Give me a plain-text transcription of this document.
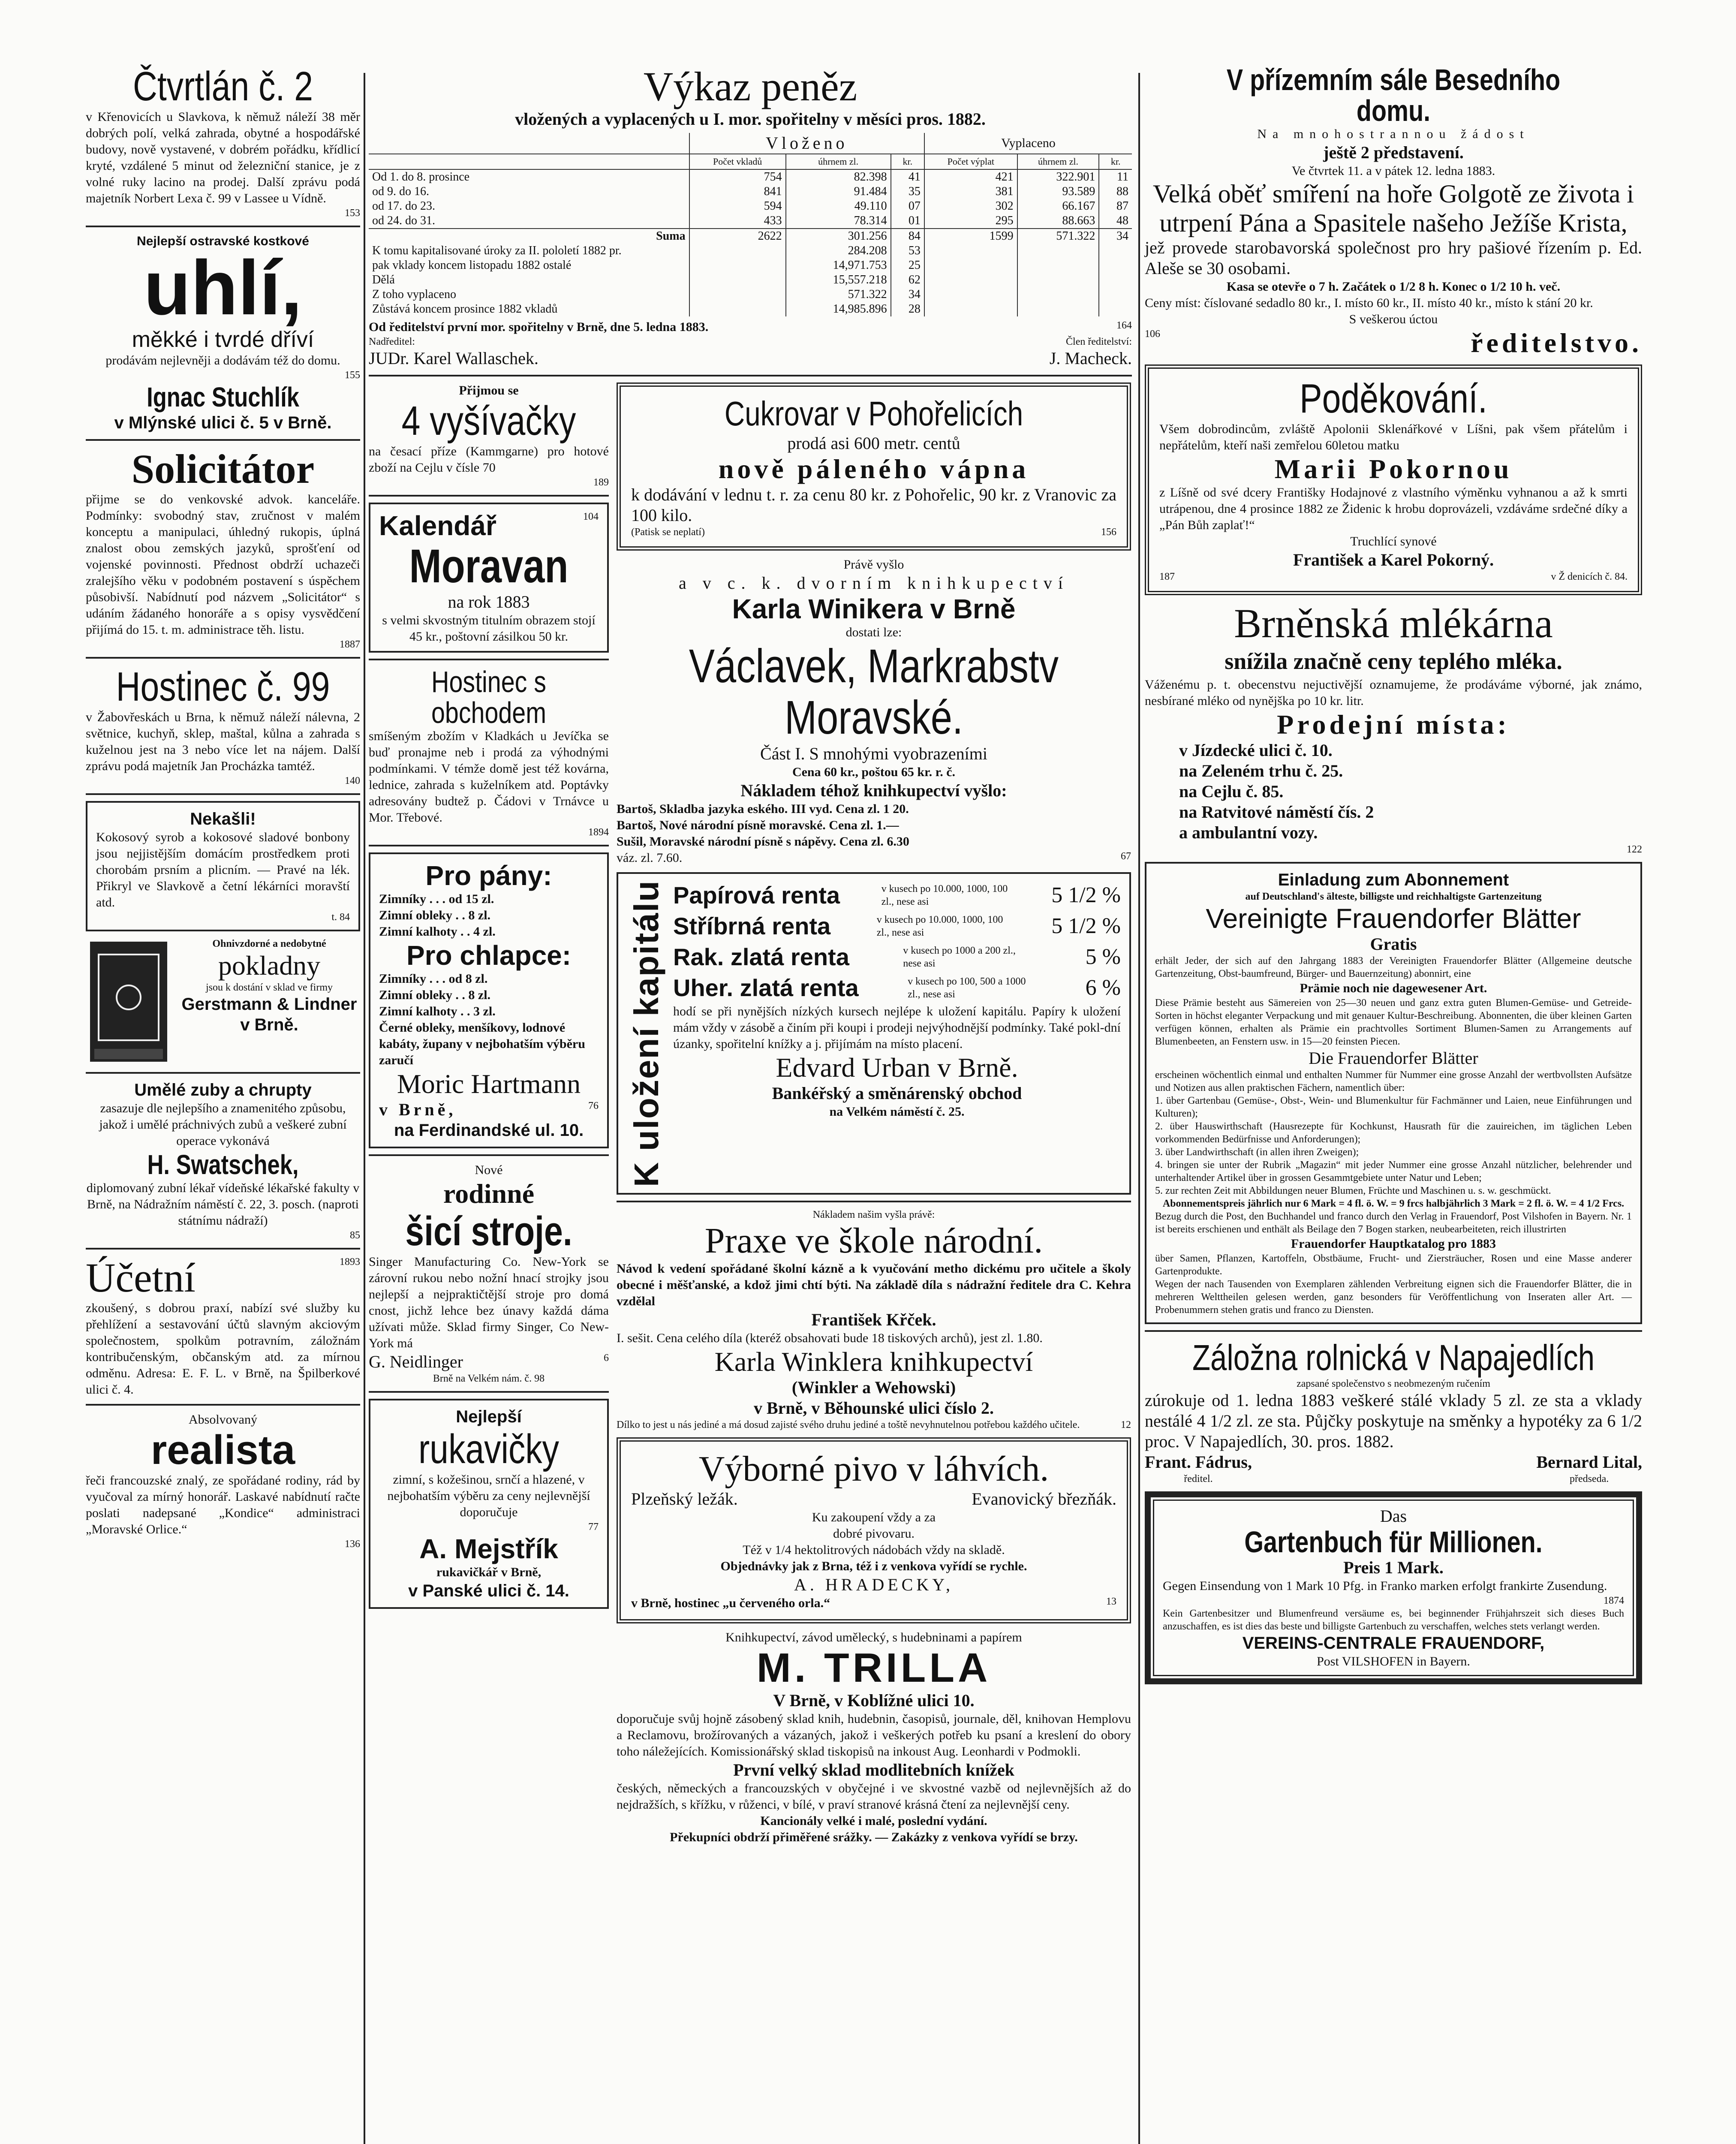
Čtvrtlán č. 2
v Křenovicích u Slavkova, k němuž náleží 38 měr dobrých polí, velká zahrada, obytné a hospodářské budovy, nově vystavené, v dobrém pořádku, křídlicí kryté, vzdálené 5 minut od železniční stanice, je z volné ruky lacino na prodej. Další zprávu podá majetník Norbert Lexa č. 99 v Lassee u Vídně.
153
Nejlepší ostravské kostkové
uhlí,
měkké i tvrdé dříví
prodávám nejlevněji a dodávám též do domu.
155
Ignac Stuchlík
v Mlýnské ulici č. 5 v Brně.
Solicitátor
přijme se do venkovské advok. kanceláře. Podmínky: svobodný stav, zručnost v malém konceptu a manipulaci, úhledný rukopis, úplná znalost obou zemských jazyků, sprošťení od vojenské povinnosti. Přednost obdrží uchazeči zralejšího věku v podobném postavení s úspěchem působivší. Nabídnutí pod názvem „Solicitátor“ s udáním žádaného honoráře a s opisy vysvědčení přijímá do 15. t. m. administrace těh. listu.
1887
Hostinec č. 99
v Žabovřeskách u Brna, k němuž náleží nálevna, 2 světnice, kuchyň, sklep, maštal, kůlna a zahrada s kuželnou jest na 3 nebo více let na nájem. Další zprávu podá majetník Jan Procházka tamtéž.
140
Nekašli!
Kokosový syrob a kokosové sladové bonbony jsou nejjistějším domácím prostředkem proti chorobám prsním a plicním. — Pravé na lék. Přikryl ve Slavkově a četní lékárníci moravští atd.
t. 84
Ohnivzdorné a nedobytné
pokladny
jsou k dostání v sklad ve firmy
Gerstmann & Lindner v Brně.
Umělé zuby a chrupty
zasazuje dle nejlepšího a znamenitého způsobu, jakož i umělé práchnivých zubů a veškeré zubní operace vykonává
H. Swatschek,
diplomovaný zubní lékař vídeňské lékařské fakulty v Brně, na Nádražním náměstí č. 22, 3. posch. (naproti státnímu nádraží)
85
Účetní	1893
zkoušený, s dobrou praxí, nabízí své služby ku přehlížení a sestavování účtů slavným akciovým společnostem, spolkům potravním, záložnám kontribučenským, občanským atd. za mírnou odměnu. Adresa: E. F. L. v Brně, na Špilberkové ulici č. 4.
Absolvovaný
realista
řeči francouzské znalý, ze spořádané rodiny, rád by vyučoval za mírný honorář. Laskavé nabídnutí račte poslati nadepsané „Kondice“ administraci „Moravské Orlice.“
136
Výkaz peněz
vložených a vyplacených u I. mor. spořitelny v měsíci pros. 1882.
	Vloženo			Vyplaceno		
	Počet vkladů	úhrnem zl.	kr.	Počet výplat	úhrnem zl.	kr.
Od 1. do 8. prosince	754	82.398	41	421	322.901	11
od 9. do 16.	841	91.484	35	381	93.589	88
od 17. do 23.	594	49.110	07	302	66.167	87
od 24. do 31.	433	78.314	01	295	88.663	48
Suma	2622	301.256	84	1599	571.322	34
K tomu kapitalisované úroky za II. pololetí 1882 pr.		284.208	53			
pak vklady koncem listopadu 1882 ostalé		14,971.753	25			
Dělá		15,557.218	62			
Z toho vyplaceno		571.322	34			
Zůstává koncem prosince 1882 vkladů		14,985.896	28			
Od ředitelství první mor. spořitelny v Brně, dne 5. ledna 1883.	164
Nadředitel:
JUDr. Karel Wallaschek.
Člen ředitelství:
J. Macheck.
Přijmou se
4 vyšívačky
na česací příze (Kammgarne) pro hotové zboží na Cejlu v čísle 70
189
Kalendář	104
Moravan
na rok 1883
s velmi skvostným titulním obrazem stojí 45 kr., poštovní zásilkou 50 kr.
Hostinec s obchodem
smíšeným zbožím v Kladkách u Jevíčka se buď pronajme neb i prodá za výhodnými podmínkami. V témže domě jest též kovárna, lednice, zahrada s kuželníkem atd. Poptávky adresovány budtež p. Čádovi v Trnávce u Mor. Třebové.
1894
Pro pány:
Zimníky . . . od 15 zl.
Zimní obleky . . 8 zl.
Zimní kalhoty . . 4 zl.
Pro chlapce:
Zimníky . . . od 8 zl.
Zimní obleky . . 8 zl.
Zimní kalhoty . . 3 zl.
Černé obleky, menšíkovy, lodnové kabáty, župany v nejbohatším výběru zaručí
Moric Hartmann
v Brně,	76
na Ferdinandské ul. 10.
Nové
rodinné
šicí stroje.
Singer Manufacturing Co. New-York se zárovní rukou nebo nožní hnací strojky jsou nejlepší a nejpraktičtější stroje pro domá cnost, jichž lehce bez únavy každá dáma užívati může. Sklad firmy Singer, Co New-York má
G. Neidlinger	6
Brně na Velkém nám. č. 98
Nejlepší
rukavičky
zimní, s kožešinou, srnčí a hlazené, v nejbohatším výběru za ceny nejlevnější doporučuje
77
A. Mejstřík
rukavičkář v Brně,
v Panské ulici č. 14.
Cukrovar v Pohořelicích
prodá asi 600 metr. centů
nově páleného vápna
k dodávání v lednu t. r. za cenu 80 kr. z Pohořelic, 90 kr. z Vranovic za 100 kilo.
(Patisk se neplatí)	156
Právě vyšlo
a v c. k. dvorním knihkupectví
Karla Winikera v Brně
dostati lze:
Václavek, Markrabstv Moravské.
Část I. S mnohými vyobrazeními
Cena 60 kr., poštou 65 kr. r. č.
Nákladem téhož knihkupectví vyšlo:
Bartoš, Skladba jazyka eského. III vyd. Cena zl. 1 20.
Bartoš, Nové národní písně moravské. Cena zl. 1.—
Sušil, Moravské národní písně s nápěvy. Cena zl. 6.30
váz. zl. 7.60.	67
K uložení kapitálu Papírová renta	v kusech po 10.000, 1000, 100 zl., nese asi	5 1/2 %
Stříbrná renta	v kusech po 10.000, 1000, 100 zl., nese asi	5 1/2 %
Rak. zlatá renta	v kusech po 1000 a 200 zl., nese asi	5 %
Uher. zlatá renta	v kusech po 100, 500 a 1000 zl., nese asi	6 %
hodí se při nynějších nízkých kursech nejlépe k uložení kapitálu. Papíry k uložení mám vždy v zásobě a činím při koupi i prodeji nejvýhodnější podmínky. Také pokl-dní úzanky, spořitelní knížky a j. přijímám na místo placení.
Edvard Urban v Brně.
Bankéřský a směnárenský obchod
na Velkém náměstí č. 25.
Nákladem našim vyšla právě:
Praxe ve škole národní.
Návod k vedení spořádané školní kázně a k vyučování metho dickému pro učitele a školy obecné i měšťanské, a kdož jimi chtí býti. Na základě díla s nádražní ředitele dra C. Kehra vzdělal
František Křček.
I. sešit. Cena celého díla (kteréž obsahovati bude 18 tiskových archů), jest zl. 1.80.
Karla Winklera knihkupectví
(Winkler a Wehowski)
v Brně, v Běhounské ulici číslo 2.
Dílko to jest u nás jediné a má dosud zajisté svého druhu jediné a toště nevyhnutelnou potřebou každého učitele.	12
Výborné pivo v láhvích.
Plzeňský ležák.	Evanovický březňák.
Ku zakoupení vždy a za
dobré pivovaru.
Též v 1/4 hektolitrových nádobách vždy na skladě.
Objednávky jak z Brna, též i z venkova vyřídí se rychle.
A. HRADECKY,
v Brně, hostinec „u červeného orla.“	13
Knihkupectví, závod umělecký, s hudebninami a papírem
M. TRILLA
V Brně, v Koblížné ulici 10.
doporučuje svůj hojně zásobený sklad knih, hudebnin, časopisů, journale, děl, knihovan Hemplovu a Reclamovu, brožírovaných a vázaných, jakož i veškerých potřeb ku psaní a kreslení do obory toho náležejících. Komissionářský sklad tiskopisů na inkoust Aug. Leonhardi v Podmokli.
První velký sklad modlitebních knížek
českých, německých a francouzských v obyčejné i ve skvostné vazbě od nejlevnějších až do nejdražších, s křížku, v růženci, v bílé, v praví stranové krásná čtení za nejlevnější ceny.
Kancionály velké i malé, poslední vydání.
Překupníci obdrží přiměřené srážky. — Zakázky z venkova vyřídí se brzy.
V přízemním sále Besedního domu.
Na mnohostrannou žádost
ještě 2 představení.
Ve čtvrtek 11. a v pátek 12. ledna 1883.
Velká oběť smíření na hoře Golgotě ze života i utrpení Pána a Spasitele našeho Ježíše Krista,
jež provede starobavorská společnost pro hry pašiové řízením p. Ed. Aleše se 30 osobami.
Kasa se otevře o 7 h. Začátek o 1/2 8 h. Konec o 1/2 10 h. več.
Ceny míst: číslované sedadlo 80 kr., I. místo 60 kr., II. místo 40 kr., místo k stání 20 kr.
S veškerou úctou
106	ředitelstvo.
Poděkování.
Všem dobrodincům, zvláště Apolonii Sklenářkové v Líšni, pak všem přátelům i nepřátelům, kteří naši zemřelou 60letou matku
Marii Pokornou
z Líšně od své dcery Františky Hodajnové z vlastního výměnku vyhnanou a až k smrti utrápenou, dne 4 prosince 1882 ze Židenic k hrobu doprovázeli, vzdáváme srdečné díky a „Pán Bůh zaplať!“
Truchlící synové
František a Karel Pokorný.
187	v Ž denicích č. 84.
Brněnská mlékárna
snížila značně ceny teplého mléka.
Váženému p. t. obecenstvu nejuctivější oznamujeme, že prodáváme výborné, jak známo, nesbírané mléko od nynějška po 10 kr. litr.
Prodejní místa:
v Jízdecké ulici č. 10.
na Zeleném trhu č. 25.
na Cejlu č. 85.
na Ratvitové náměstí čís. 2
a ambulantní vozy.
122
Einladung zum Abonnement
auf Deutschland's älteste, billigste und reichhaltigste Gartenzeitung
Vereinigte Frauendorfer Blätter
Gratis
erhält Jeder, der sich auf den Jahrgang 1883 der Vereinigten Frauendorfer Blätter (Allgemeine deutsche Gartenzeitung, Obst-baumfreund, Bürger- und Bauernzeitung) abonnirt, eine
Prämie noch nie dagewesener Art.
Diese Prämie besteht aus Sämereien von 25—30 neuen und ganz extra guten Blumen-Gemüse- und Getreide-Sorten in höchst eleganter Verpackung und mit genauer Kultur-Beschreibung. Abonnenten, die über kleinen Garten verfügen können, erhalten als Prämie ein prachtvolles Sortiment Blumen-Samen zu Arrangements auf Blumenbeeten, an Fenstern usw. in 15—20 feinsten Piecen.
Die Frauendorfer Blätter
erscheinen wöchentlich einmal und enthalten Nummer für Nummer eine grosse Anzahl der wertbvollsten Aufsätze und Notizen aus allen praktischen Fächern, namentlich über:
1. über Gartenbau (Gemüse-, Obst-, Wein- und Blumenkultur für Fachmänner und Laien, neue Einführungen und Kulturen);
2. über Hauswirthschaft (Hausrezepte für Kochkunst, Hausrath für die zauireichen, im täglichen Leben vorkommenden Bedürfnisse und Anforderungen);
3. über Landwirthschaft (in allen ihren Zweigen);
4. bringen sie unter der Rubrik „Magazin“ mit jeder Nummer eine grosse Anzahl nützlicher, belehrender und unterhaltender Artikel über in grossen Gesammtgebiete unter Natur und Leben;
5. zur rechten Zeit mit Abbildungen neuer Blumen, Früchte und Maschinen u. s. w. geschmückt.
Abonnementspreis jährlich nur 6 Mark = 4 fl. ö. W. = 9 frcs halbjährlich 3 Mark = 2 fl. ö. W. = 4 1/2 Frcs.
Bezug durch die Post, den Buchhandel und franco durch den Verlag in Frauendorf, Post Vilshofen in Bayern. Nr. 1 ist bereits erschienen und enthält als Beilage den 7 Bogen starken, neubearbeiteten, reich illustrirten
Frauendorfer Hauptkatalog pro 1883
über Samen, Pflanzen, Kartoffeln, Obstbäume, Frucht- und Ziersträucher, Rosen und eine Masse anderer Gartenprodukte.
Wegen der nach Tausenden von Exemplaren zählenden Verbreitung eignen sich die Frauendorfer Blätter, die in mehreren Welttheilen gelesen werden, ganz besonders für Veröffentlichung von Inseraten aller Art. — Probenummern stehen gratis und franco zu Diensten.
Záložna rolnická v Napajedlích
zapsané společenstvo s neobmezeným ručením
zúrokuje od 1. ledna 1883 veškeré stálé vklady 5 zl. ze sta a vklady nestálé 4 1/2 zl. ze sta. Půjčky poskytuje na směnky a hypotéky za 6 1/2 proc. V Napajedlích, 30. pros. 1882.
Frant. Fádrus,
ředitel.
Bernard Lital,
předseda.
Das
Gartenbuch für Millionen.
Preis 1 Mark.
Gegen Einsendung von 1 Mark 10 Pfg. in Franko marken erfolgt frankirte Zusendung.
1874
Kein Gartenbesitzer und Blumenfreund versäume es, bei beginnender Frühjahrszeit sich dieses Buch anzuschaffen, es ist dies das beste und billigste Gartenbuch zu verschaffen, welches stets verlangt werden.
VEREINS-CENTRALE FRAUENDORF,
Post VILSHOFEN in Bayern.
